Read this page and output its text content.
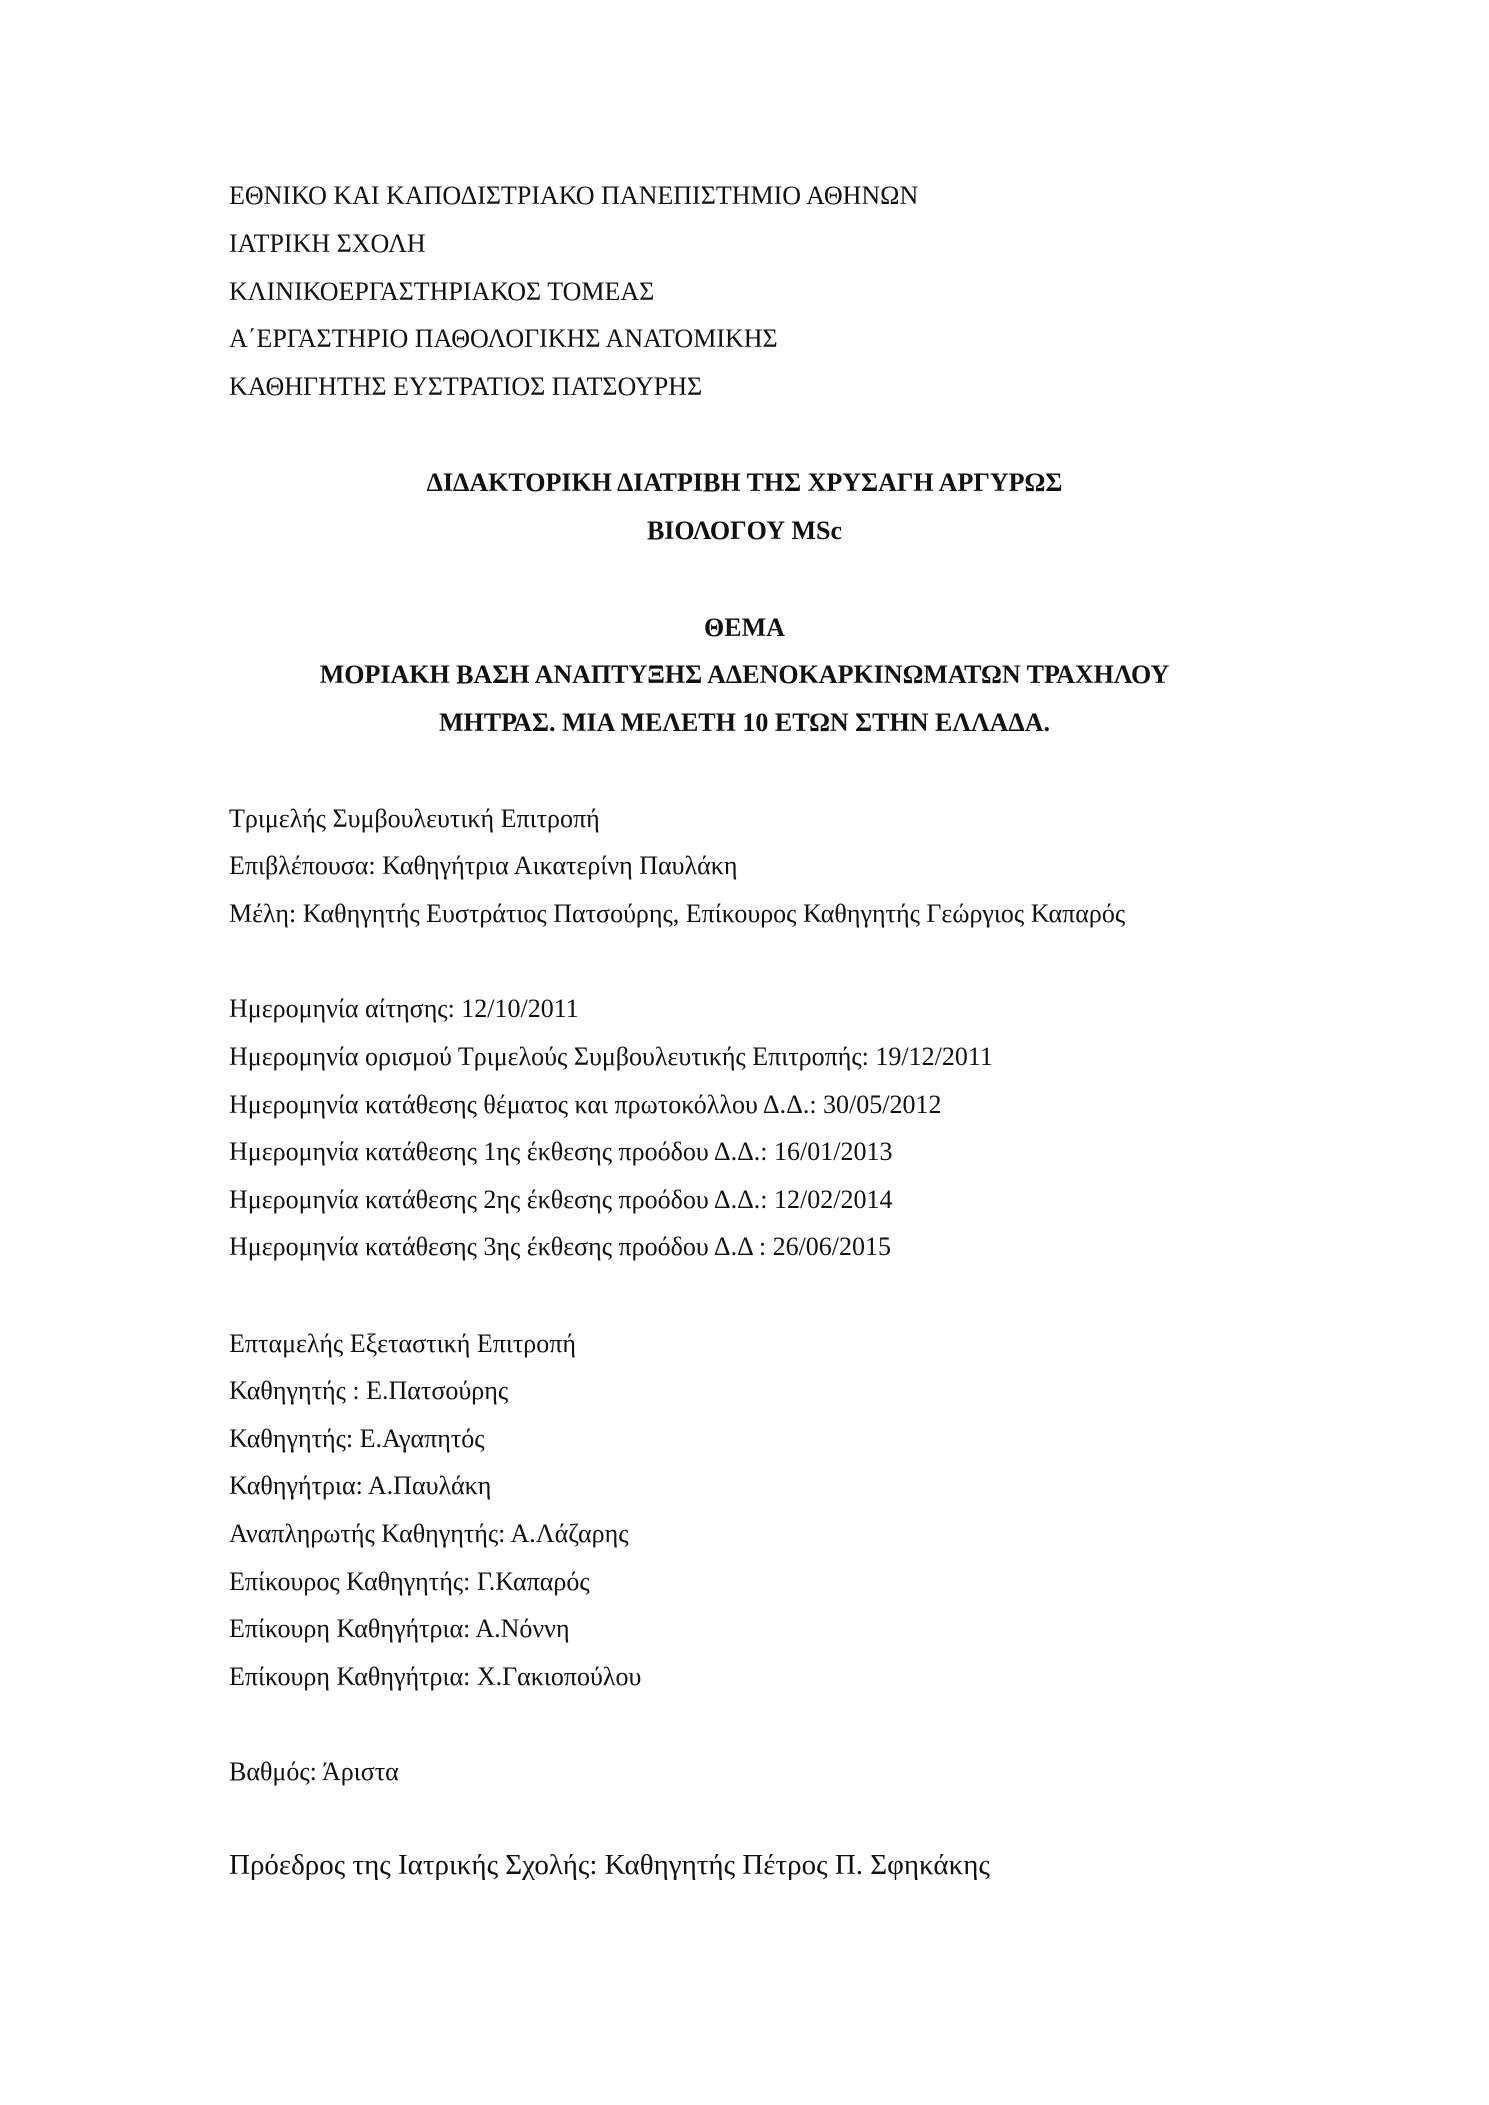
ΕΘΝΙΚΟ ΚΑΙ ΚΑΠΟΔΙΣΤΡΙΑΚΟ ΠΑΝΕΠΙΣΤΗΜΙΟ ΑΘΗΝΩΝ
ΙΑΤΡΙΚΗ ΣΧΟΛΗ
ΚΛΙΝΙΚΟΕΡΓΑΣΤΗΡΙΑΚΟΣ ΤΟΜΕΑΣ
Α΄ΕΡΓΑΣΤΗΡΙΟ ΠΑΘΟΛΟΓΙΚΗΣ ΑΝΑΤΟΜΙΚΗΣ
ΚΑΘΗΓΗΤΗΣ ΕΥΣΤΡΑΤΙΟΣ ΠΑΤΣΟΥΡΗΣ
ΔΙΔΑΚΤΟΡΙΚΗ ΔΙΑΤΡΙΒΗ ΤΗΣ ΧΡΥΣΑΓΗ ΑΡΓΥΡΩΣ
ΒΙΟΛΟΓΟΥ MSc
ΘΕΜΑ
ΜΟΡΙΑΚΗ ΒΑΣΗ ΑΝΑΠΤΥΞΗΣ ΑΔΕΝΟΚΑΡΚΙΝΩΜΑΤΩΝ ΤΡΑΧΗΛΟΥ
ΜΗΤΡΑΣ. ΜΙΑ ΜΕΛΕΤΗ 10 ΕΤΩΝ ΣΤΗΝ ΕΛΛΑΔΑ.
Τριμελής Συμβουλευτική Επιτροπή
Επιβλέπουσα: Καθηγήτρια Αικατερίνη Παυλάκη
Μέλη: Καθηγητής Ευστράτιος Πατσούρης, Επίκουρος Καθηγητής Γεώργιος Καπαρός
Ημερομηνία αίτησης: 12/10/2011
Ημερομηνία ορισμού Τριμελούς Συμβουλευτικής Επιτροπής: 19/12/2011
Ημερομηνία κατάθεσης θέματος και πρωτοκόλλου Δ.Δ.: 30/05/2012
Ημερομηνία κατάθεσης 1ης έκθεσης προόδου Δ.Δ.: 16/01/2013
Ημερομηνία κατάθεσης 2ης έκθεσης προόδου Δ.Δ.: 12/02/2014
Ημερομηνία κατάθεσης 3ης έκθεσης προόδου Δ.Δ : 26/06/2015
Επταμελής Εξεταστική Επιτροπή
Καθηγητής : Ε.Πατσούρης
Καθηγητής: Ε.Αγαπητός
Καθηγήτρια: Α.Παυλάκη
Αναπληρωτής Καθηγητής: Α.Λάζαρης
Επίκουρος Καθηγητής: Γ.Καπαρός
Επίκουρη Καθηγήτρια: Α.Νόννη
Επίκουρη Καθηγήτρια: Χ.Γακιοπούλου
Βαθμός: Άριστα
Πρόεδρος της Ιατρικής Σχολής: Καθηγητής Πέτρος Π. Σφηκάκης
